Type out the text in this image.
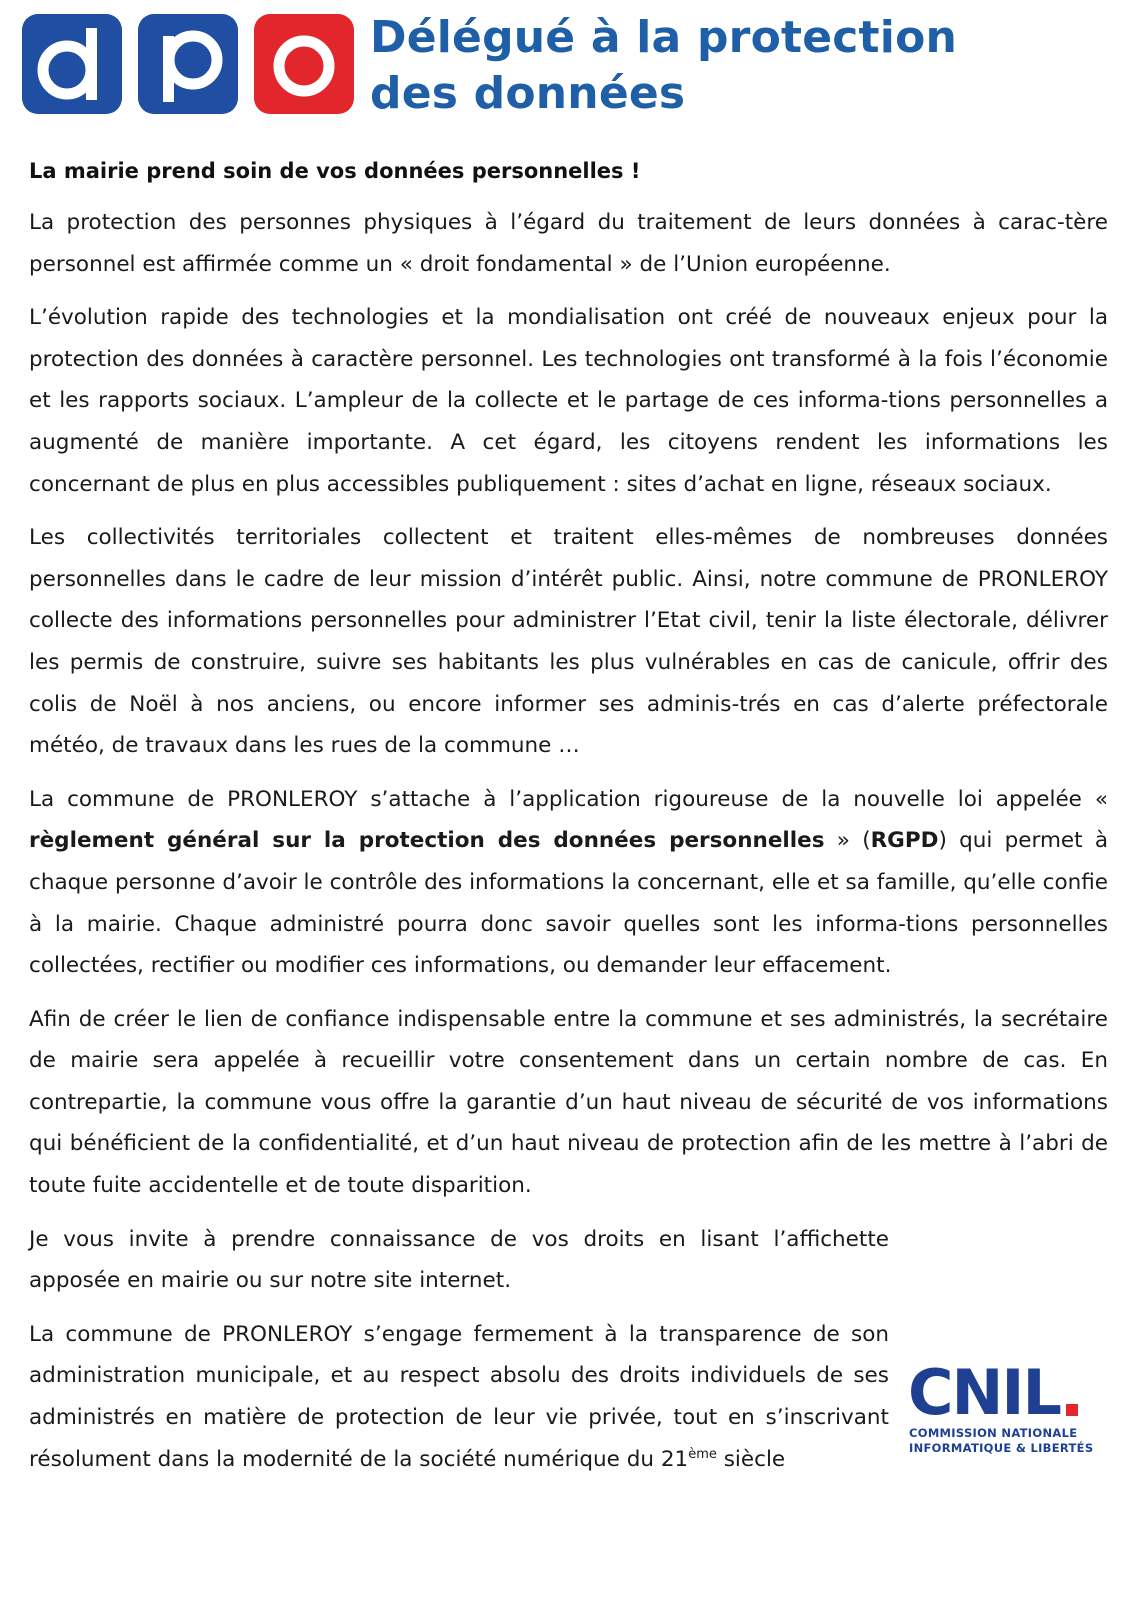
Délégué à la protection
des données
La mairie prend soin de vos données personnelles !

La protection des personnes physiques à l’égard du traitement de leurs données à carac-tère personnel est affirmée comme un « droit fondamental » de l’Union européenne.

L’évolution rapide des technologies et la mondialisation ont créé de nouveaux enjeux pour la protection des données à caractère personnel. Les technologies ont transformé à la fois l’économie et les rapports sociaux. L’ampleur de la collecte et le partage de ces informa-tions personnelles a augmenté de manière importante. A cet égard, les citoyens rendent les informations les concernant de plus en plus accessibles publiquement : sites d’achat en ligne, réseaux sociaux.

Les collectivités territoriales collectent et traitent elles-mêmes de nombreuses données personnelles dans le cadre de leur mission d’intérêt public. Ainsi, notre commune de PRONLEROY collecte des informations personnelles pour administrer l’Etat civil, tenir la liste électorale, délivrer les permis de construire, suivre ses habitants les plus vulnérables en cas de canicule, offrir des colis de Noël à nos anciens, ou encore informer ses adminis-trés en cas d’alerte préfectorale météo, de travaux dans les rues de la commune …

La commune de PRONLEROY s’attache à l’application rigoureuse de la nouvelle loi appelée « règlement général sur la protection des données personnelles » (RGPD) qui permet à chaque personne d’avoir le contrôle des informations la concernant, elle et sa famille, qu’elle confie à la mairie. Chaque administré pourra donc savoir quelles sont les informa-tions personnelles collectées, rectifier ou modifier ces informations, ou demander leur effacement.

Afin de créer le lien de confiance indispensable entre la commune et ses administrés, la secrétaire de mairie sera appelée à recueillir votre consentement dans un certain nombre de cas. En contrepartie, la commune vous offre la garantie d’un haut niveau de sécurité de vos informations qui bénéficient de la confidentialité, et d’un haut niveau de protection afin de les mettre à l’abri de toute fuite accidentelle et de toute disparition.

Je vous invite à prendre connaissance de vos droits en lisant l’affichette apposée en mairie ou sur notre site internet.

La commune de PRONLEROY s’engage fermement à la transparence de son administration municipale, et au respect absolu des droits individuels de ses administrés en matière de protection de leur vie privée, tout en s’inscrivant résolument dans la modernité de la société numérique du 21ème siècle

CNIL
COMMISSION NATIONALE
INFORMATIQUE & LIBERTÉS
